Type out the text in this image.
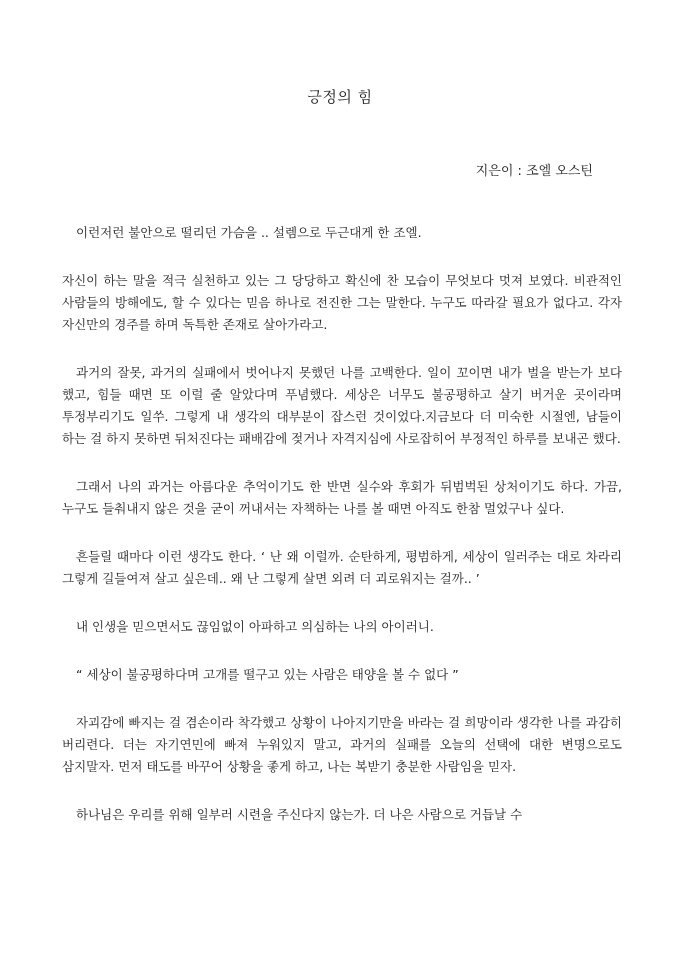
긍정의 힘
지은이 : 조엘 오스틴

이런저런 불안으로 떨리던 가슴을 .. 설렘으로 두근대게 한 조엘.

자신이 하는 말을 적극 실천하고 있는 그 당당하고 확신에 찬 모습이 무엇보다 멋져 보였다. 비관적인 사람들의 방해에도, 할 수 있다는 믿음 하나로 전진한 그는 말한다. 누구도 따라갈 필요가 없다고. 각자 자신만의 경주를 하며 독특한 존재로 살아가라고.

과거의 잘못, 과거의 실패에서 벗어나지 못했던 나를 고백한다. 일이 꼬이면 내가 벌을 받는가 보다 했고, 힘들 때면 또 이럴 줄 알았다며 푸념했다. 세상은 너무도 불공평하고 살기 버거운 곳이라며 투정부리기도 일쑤. 그렇게 내 생각의 대부분이 잡스런 것이었다.지금보다 더 미숙한 시절엔, 남들이 하는 걸 하지 못하면 뒤처진다는 패배감에 젖거나 자격지심에 사로잡히어 부정적인 하루를 보내곤 했다.

그래서 나의 과거는 아름다운 추억이기도 한 반면 실수와 후회가 뒤범벅된 상처이기도 하다. 가끔, 누구도 들춰내지 않은 것을 굳이 꺼내서는 자책하는 나를 볼 때면 아직도 한참 멀었구나 싶다.

흔들릴 때마다 이런 생각도 한다. ‘ 난 왜 이럴까. 순탄하게, 평범하게, 세상이 일러주는 대로 차라리 그렇게 길들여져 살고 싶은데.. 왜 난 그렇게 살면 외려 더 괴로워지는 걸까.. ’

내 인생을 믿으면서도 끊임없이 아파하고 의심하는 나의 아이러니.

“ 세상이 불공평하다며 고개를 떨구고 있는 사람은 태양을 볼 수 없다 ”

자괴감에 빠지는 걸 겸손이라 착각했고 상황이 나아지기만을 바라는 걸 희망이라 생각한 나를 과감히 버리련다. 더는 자기연민에 빠져 누워있지 말고, 과거의 실패를 오늘의 선택에 대한 변명으로도 삼지말자. 먼저 태도를 바꾸어 상황을 좋게 하고, 나는 복받기 충분한 사람임을 믿자.

하나님은 우리를 위해 일부러 시련을 주신다지 않는가. 더 나은 사람으로 거듭날 수
